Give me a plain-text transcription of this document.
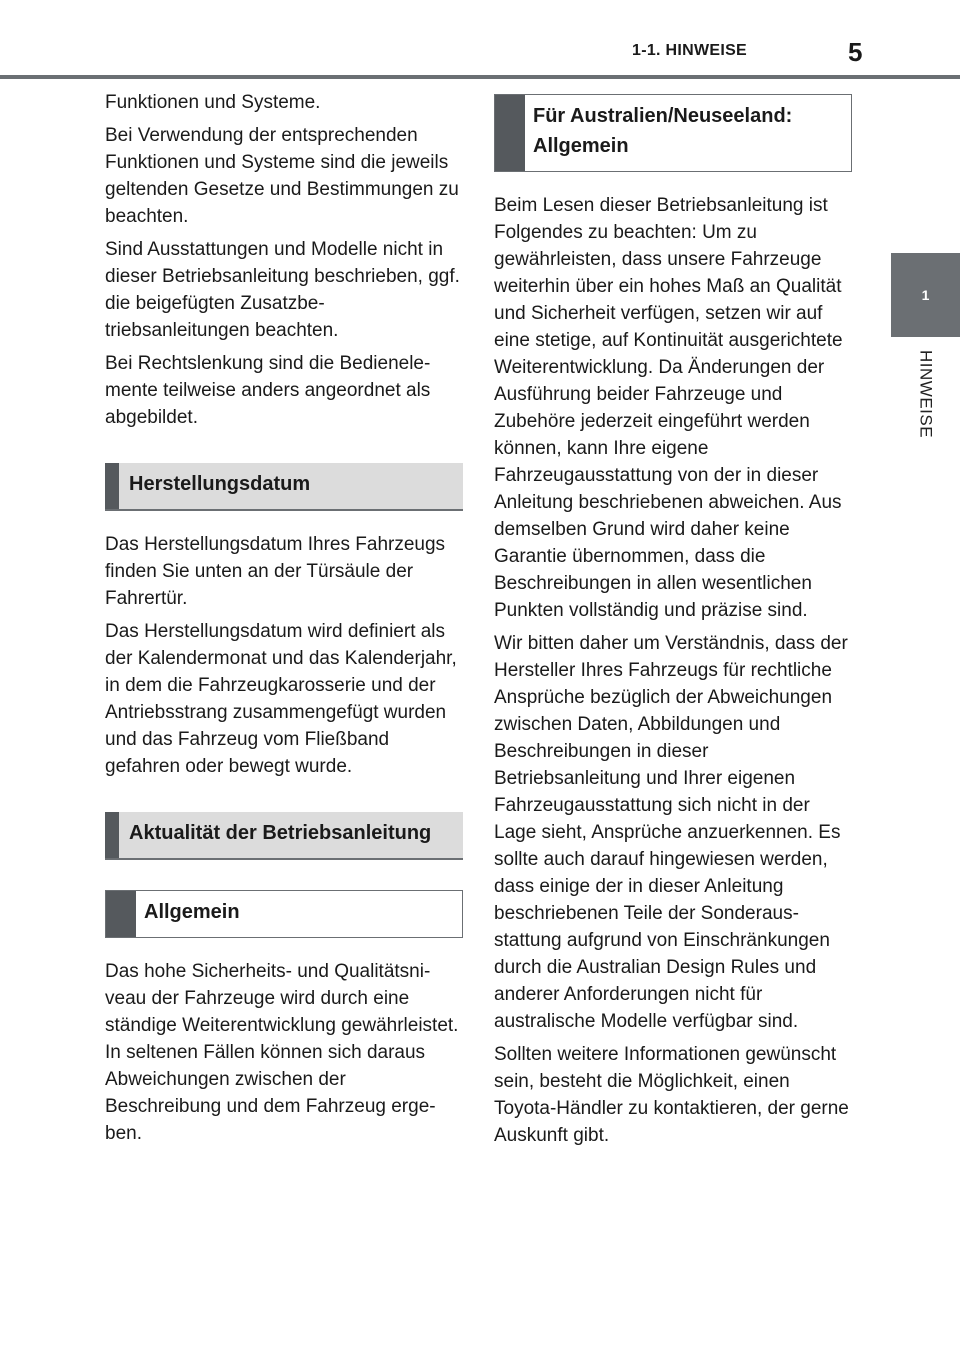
1-1. HINWEISE	5
1
HINWEISE

Funktionen und Systeme.

Bei Verwendung der entsprechenden Funktionen und Systeme sind die jeweils geltenden Gesetze und Bestimmungen zu beachten.

Sind Ausstattungen und Modelle nicht in dieser Betriebsanleitung beschrieben, ggf. die beigefügten Zusatzbetriebsanleitungen beachten.

Bei Rechtslenkung sind die Bedienelemente teilweise anders angeordnet als abgebildet.

Herstellungsdatum

Das Herstellungsdatum Ihres Fahrzeugs finden Sie unten an der Türsäule der Fahrertür.

Das Herstellungsdatum wird definiert als der Kalendermonat und das Kalenderjahr, in dem die Fahrzeugkarosserie und der Antriebsstrang zusammengefügt wurden und das Fahrzeug vom Fließband gefahren oder bewegt wurde.

Aktualität der Betriebsanleitung
Allgemein

Das hohe Sicherheits- und Qualitätsniveau der Fahrzeuge wird durch eine ständige Weiterentwicklung gewährleistet. In seltenen Fällen können sich daraus Abweichungen zwischen der Beschreibung und dem Fahrzeug ergeben.

Für Australien/Neuseeland: Allgemein

Beim Lesen dieser Betriebsanleitung ist Folgendes zu beachten: Um zu gewährleisten, dass unsere Fahrzeuge weiterhin über ein hohes Maß an Qualität und Sicherheit verfügen, setzen wir auf eine stetige, auf Kontinuität ausgerichtete Weiterentwicklung. Da Änderungen der Ausführung beider Fahrzeuge und Zubehöre jederzeit eingeführt werden können, kann Ihre eigene Fahrzeugausstattung von der in dieser Anleitung beschriebenen abweichen. Aus demselben Grund wird daher keine Garantie übernommen, dass die Beschreibungen in allen wesentlichen Punkten vollständig und präzise sind.

Wir bitten daher um Verständnis, dass der Hersteller Ihres Fahrzeugs für rechtliche Ansprüche bezüglich der Abweichungen zwischen Daten, Abbildungen und Beschreibungen in dieser Betriebsanleitung und Ihrer eigenen Fahrzeugausstattung sich nicht in der Lage sieht, Ansprüche anzuerkennen. Es sollte auch darauf hingewiesen werden, dass einige der in dieser Anleitung beschriebenen Teile der Sonderausstattung aufgrund von Einschränkungen durch die Australian Design Rules und anderer Anforderungen nicht für australische Modelle verfügbar sind.

Sollten weitere Informationen gewünscht sein, besteht die Möglichkeit, einen Toyota-Händler zu kontaktieren, der gerne Auskunft gibt.
